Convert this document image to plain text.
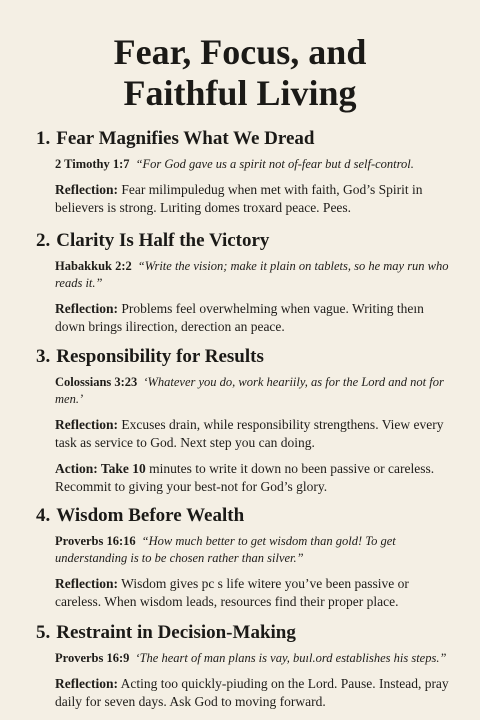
Fear, Focus, and
Faithful Living
1. Fear Magnifies What We Dread

2 Timothy 1:7 “For God gave us a spirit not of-fear but d self-control.

Reflection: Fear milimpuledug when met with faith, God’s Spirit in believers is strong. Lιriting domes troxard peace. Pees.

2. Clarity Is Half the Victory

Habakkuk 2:2 “Write the vision; make it plain on tablets, so he may run who reads it.”

Reflection: Problems feel overwhelming when vague. Writing theın down brings ilirection, derection an peace.

3. Responsibility for Results

Colossians 3:23 ‘Whatever you do, work heariily, as for the Lord and not for men.’

Reflection: Excuses drain, while responsibility strengthens. View every task as service to God. Next step you can doing.

Action: Take 10 minutes to write it down no been passive or careless. Recommit to giving your best-not for God’s glory.

4. Wisdom Before Wealth

Proverbs 16:16 “How much better to get wisdom than gold! To get understanding is to be chosen rather than silver.”

Reflection: Wisdom gives pc s life witere you’ve been passive or careless. When wisdom leads, resources find their proper place.

5. Restraint in Decision-Making

Proverbs 16:9 ‘The heart of man plans is vay, buıl.ord establishes his steps.”

Reflection: Acting too quickly-piuding on the Lord. Pause. Instead, pray daily for seven days. Ask God to moving forward.
